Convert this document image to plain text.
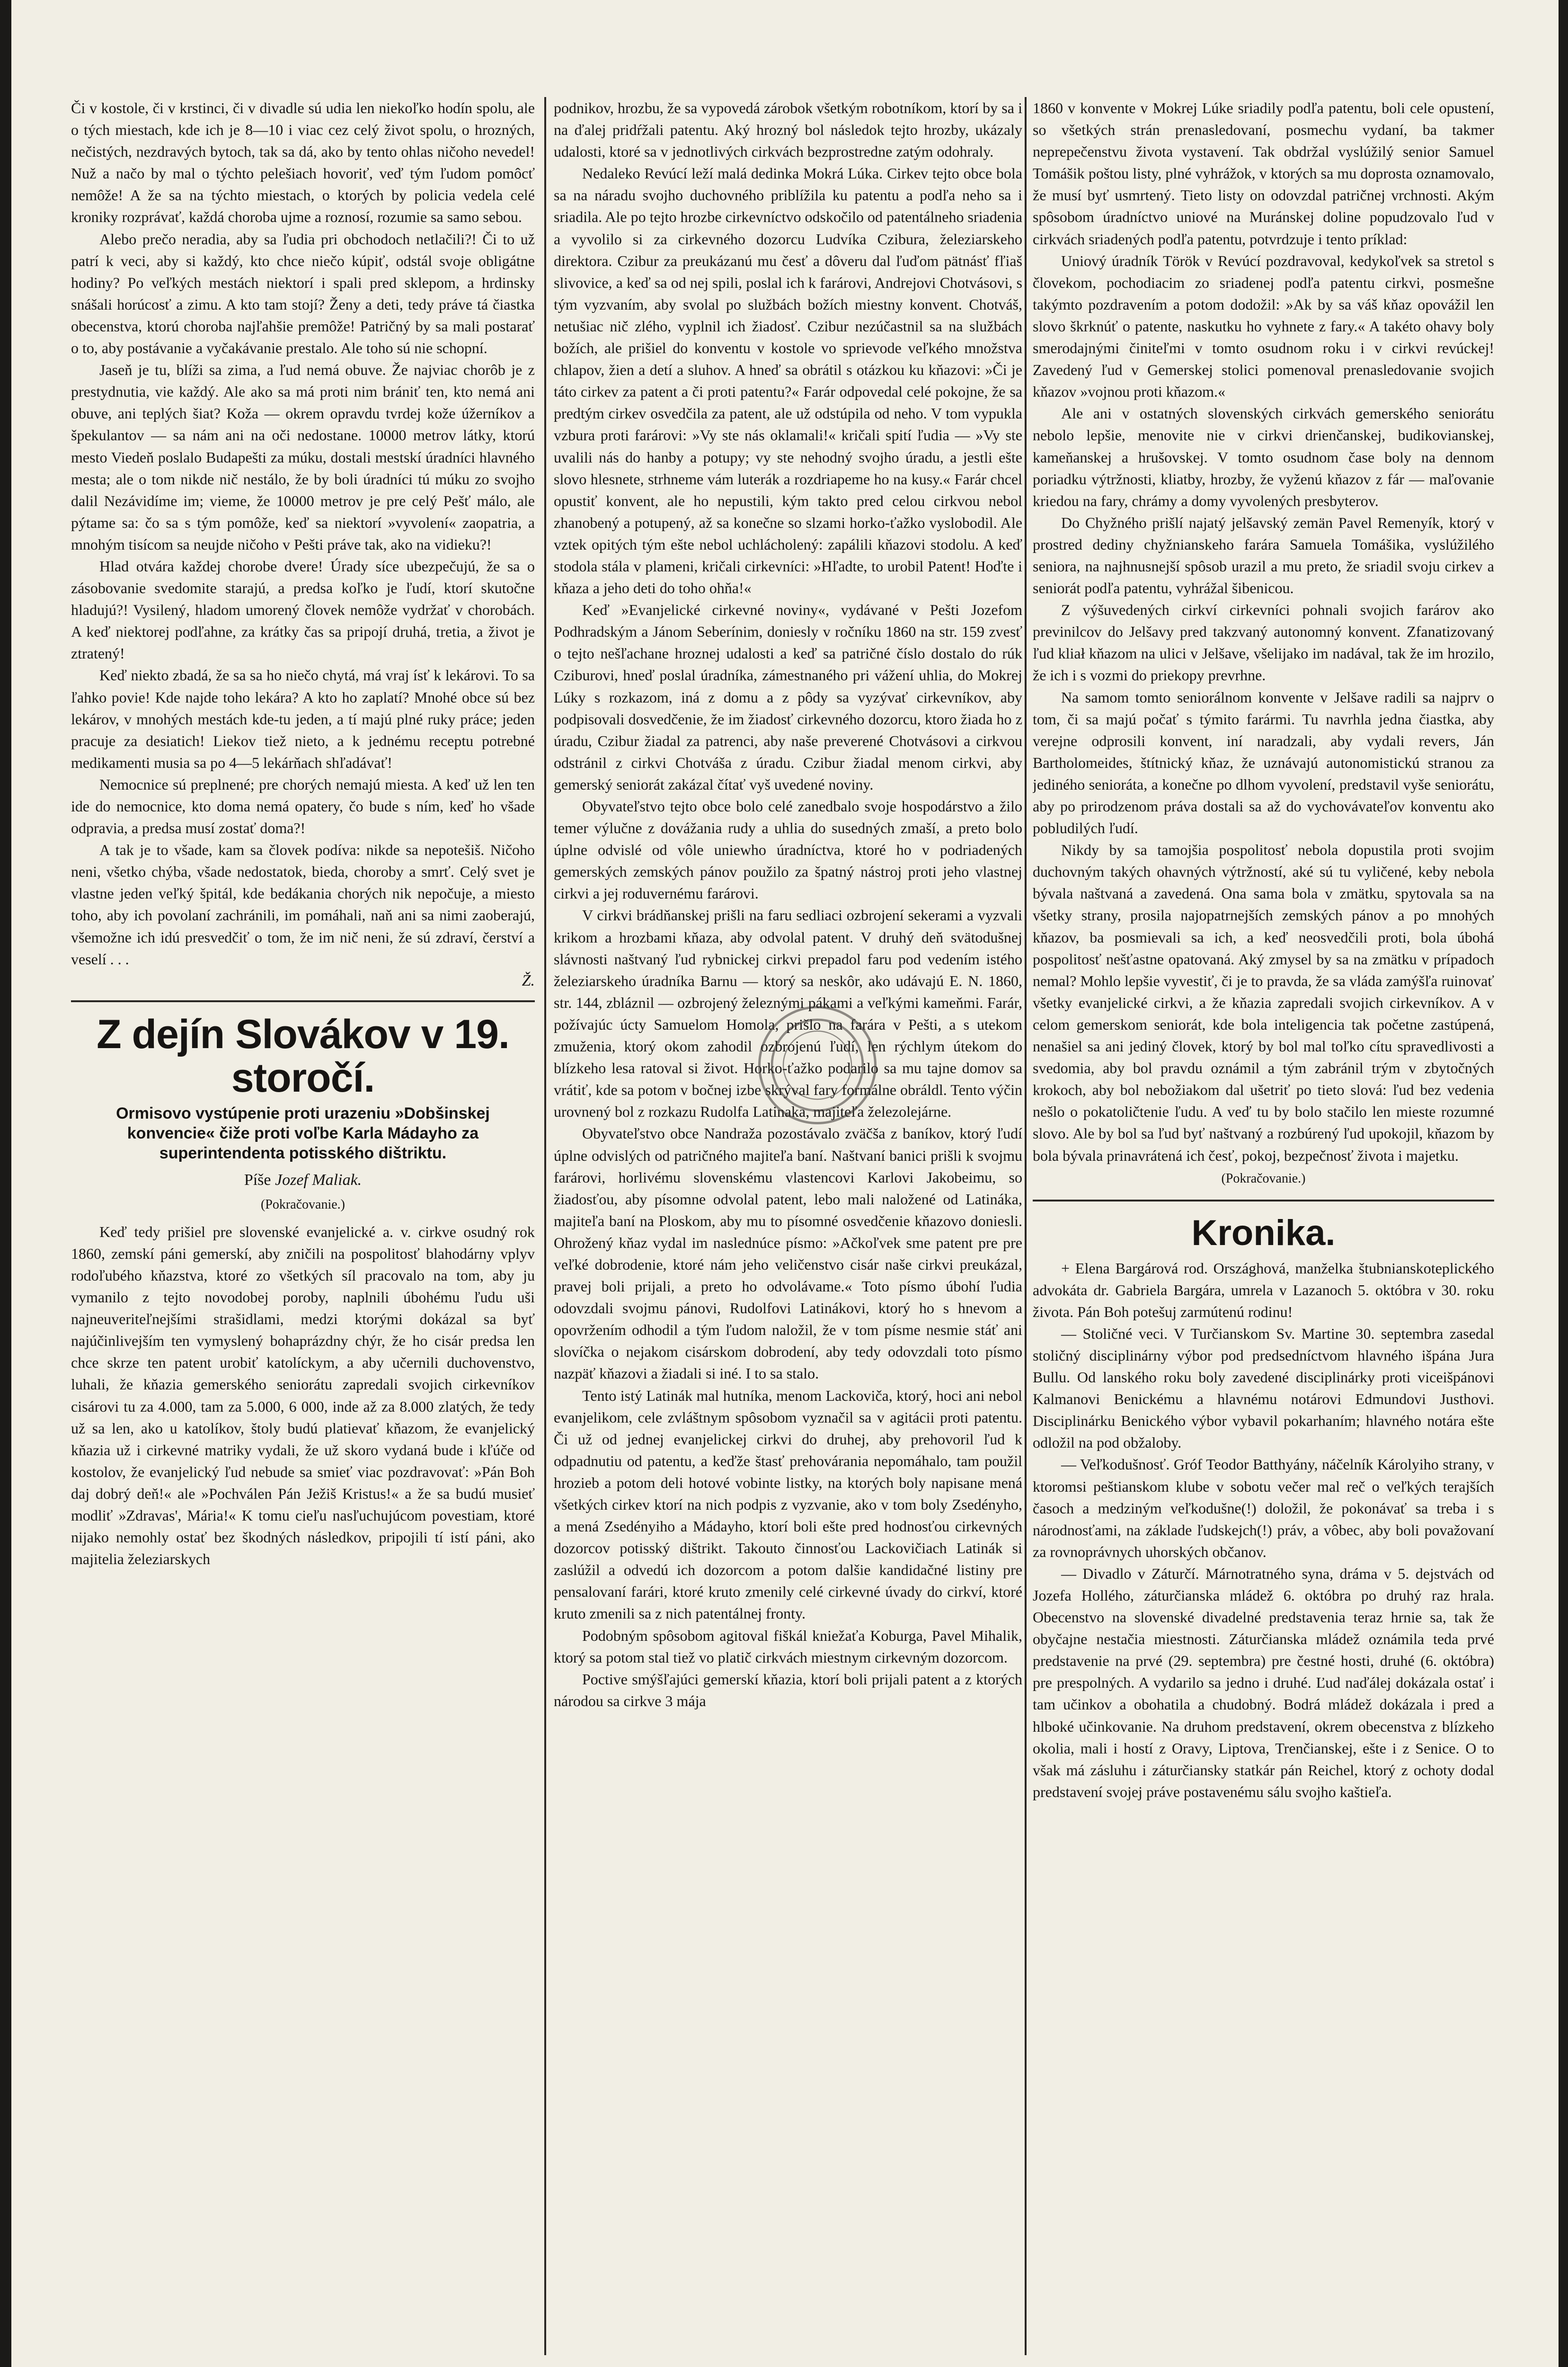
Či v kostole, či v krstinci, či v divadle sú udia len niekoľko hodín spolu, ale o tých miestach, kde ich je 8—10 i viac cez celý život spolu, o hrozných, nečistých, nezdravých bytoch, tak sa dá, ako by tento ohlas ničoho nevedel! Nuž a načo by mal o týchto pelešiach hovoriť, veď tým ľudom pomôcť nemôže! A že sa na týchto miestach, o ktorých by policia vedela celé kroniky rozprávať, každá choroba ujme a roznosí, rozumie sa samo sebou.

Alebo prečo neradia, aby sa ľudia pri obchodoch netlačili?! Či to už patrí k veci, aby si každý, kto chce niečo kúpiť, odstál svoje obligátne hodiny? Po veľkých mestách niektorí i spali pred sklepom, a hrdinsky snášali horúcosť a zimu. A kto tam stojí? Ženy a deti, tedy práve tá čiastka obecenstva, ktorú choroba najľahšie premôže! Patričný by sa mali postarať o to, aby postávanie a vyčakávanie prestalo. Ale toho sú nie schopní.

Jaseň je tu, blíži sa zima, a ľud nemá obuve. Že najviac chorôb je z prestydnutia, vie každý. Ale ako sa má proti nim brániť ten, kto nemá ani obuve, ani teplých šiat? Koža — okrem opravdu tvrdej kože úžerníkov a špekulantov — sa nám ani na oči nedostane. 10000 metrov látky, ktorú mesto Viedeň poslalo Budapešti za múku, dostali mestskí úradníci hlavného mesta; ale o tom nikde nič nestálo, že by boli úradníci tú múku zo svojho dalil Nezávidíme im; vieme, že 10000 metrov je pre celý Pešť málo, ale pýtame sa: čo sa s tým pomôže, keď sa niektorí »vyvolení« zaopatria, a mnohým tisícom sa neujde ničoho v Pešti práve tak, ako na vidieku?!

Hlad otvára každej chorobe dvere! Úrady síce ubezpečujú, že sa o zásobovanie svedomite starajú, a predsa koľko je ľudí, ktorí skutočne hladujú?! Vysilený, hladom umorený človek nemôže vydržať v chorobách. A keď niektorej podľahne, za krátky čas sa pripojí druhá, tretia, a život je ztratený!

Keď niekto zbadá, že sa sa ho niečo chytá, má vraj ísť k lekárovi. To sa ľahko povie! Kde najde toho lekára? A kto ho zaplatí? Mnohé obce sú bez lekárov, v mnohých mestách kde-tu jeden, a tí majú plné ruky práce; jeden pracuje za desiatich! Liekov tiež nieto, a k jednému receptu potrebné medikamenti musia sa po 4—5 lekárňach shľadávať!

Nemocnice sú preplnené; pre chorých nemajú miesta. A keď už len ten ide do nemocnice, kto doma nemá opatery, čo bude s ním, keď ho všade odpravia, a predsa musí zostať doma?!

A tak je to všade, kam sa človek podíva: nikde sa nepotešiš. Ničoho neni, všetko chýba, všade nedostatok, bieda, choroby a smrť. Celý svet je vlastne jeden veľký špitál, kde bedákania chorých nik nepočuje, a miesto toho, aby ich povolaní zachránili, im pomáhali, naň ani sa nimi zaoberajú, všemožne ich idú presvedčiť o tom, že im nič neni, že sú zdraví, čerství a veselí . . .

Ž.
Z dejín Slovákov v 19. storočí.
Ormisovo vystúpenie proti urazeniu »Dobšinskej konvencie« čiže proti voľbe Karla Mádayho za superintendenta potisského dištriktu.
Píše Jozef Maliak.
(Pokračovanie.)

Keď tedy prišiel pre slovenské evanjelické a. v. cirkve osudný rok 1860, zemskí páni gemerskí, aby zničili na pospolitosť blahodárny vplyv rodoľubého kňazstva, ktoré zo všetkých síl pracovalo na tom, aby ju vymanilo z tejto novodobej poroby, naplnili úbohému ľudu uši najneuveriteľnejšími strašidlami, medzi ktorými dokázal sa byť najúčinlivejším ten vymyslený bohaprázdny chýr, že ho cisár predsa len chce skrze ten patent urobiť katolíckym, a aby učernili duchovenstvo, luhali, že kňazia gemerského seniorátu zapredali svojich cirkevníkov cisárovi tu za 4.000, tam za 5.000, 6 000, inde až za 8.000 zlatých, že tedy už sa len, ako u katolíkov, štoly budú platievať kňazom, že evanjelický kňazia už i cirkevné matriky vydali, že už skoro vydaná bude i kľúče od kostolov, že evanjelický ľud nebude sa smieť viac pozdravovať: »Pán Boh daj dobrý deň!« ale »Pochválen Pán Ježiš Kristus!« a že sa budú musieť modliť »Zdravas', Mária!« K tomu cieľu nasľuchujúcom povestiam, ktoré nijako nemohly ostať bez škodných následkov, pripojili tí istí páni, ako majitelia železiarskych

podnikov, hrozbu, že sa vypovedá zárobok všetkým robotníkom, ktorí by sa i na ďalej pridŕžali patentu. Aký hrozný bol následok tejto hrozby, ukázaly udalosti, ktoré sa v jednotlivých cirkvách bezprostredne zatým odohraly.

Nedaleko Revúcí leží malá dedinka Mokrá Lúka. Cirkev tejto obce bola sa na náradu svojho duchovného priblížila ku patentu a podľa neho sa i sriadila. Ale po tejto hrozbe cirkevníctvo odskočilo od patentálneho sriadenia a vyvolilo si za cirkevného dozorcu Ludvíka Czibura, železiarskeho direktora. Czibur za preukázanú mu česť a dôveru dal ľuďom pätnásť fľiaš slivovice, a keď sa od nej spili, poslal ich k farárovi, Andrejovi Chotvásovi, s tým vyzvaním, aby svolal po službách božích miestny konvent. Chotváš, netušiac nič zlého, vyplnil ich žiadosť. Czibur nezúčastnil sa na službách božích, ale prišiel do konventu v kostole vo sprievode veľkého množstva chlapov, žien a detí a sluhov. A hneď sa obrátil s otázkou ku kňazovi: »Či je táto cirkev za patent a či proti patentu?« Farár odpovedal celé pokojne, že sa predtým cirkev osvedčila za patent, ale už odstúpila od neho. V tom vypukla vzbura proti farárovi: »Vy ste nás oklamali!« kričali spití ľudia — »Vy ste uvalili nás do hanby a potupy; vy ste nehodný svojho úradu, a jestli ešte slovo hlesnete, strhneme vám luterák a rozdriapeme ho na kusy.« Farár chcel opustiť konvent, ale ho nepustili, kým takto pred celou cirkvou nebol zhanobený a potupený, až sa konečne so slzami horko-ťažko vyslobodil. Ale vztek opitých tým ešte nebol uchlácholený: zapálili kňazovi stodolu. A keď stodola stála v plameni, kričali cirkevníci: »Hľadte, to urobil Patent! Hoďte i kňaza a jeho deti do toho ohňa!«

Keď »Evanjelické cirkevné noviny«, vydávané v Pešti Jozefom Podhradským a Jánom Seberínim, doniesly v ročníku 1860 na str. 159 zvesť o tejto nešľachane hroznej udalosti a keď sa patričné číslo dostalo do rúk Cziburovi, hneď poslal úradníka, zámestnaného pri vážení uhlia, do Mokrej Lúky s rozkazom, iná z domu a z pôdy sa vyzývať cirkevníkov, aby podpisovali dosvedčenie, že im žiadosť cirkevného dozorcu, ktoro žiada ho z úradu, Czibur žiadal za patrenci, aby naše preverené Chotvásovi a cirkvou odstránil z cirkvi Chotváša z úradu. Czibur žiadal menom cirkvi, aby gemerský seniorát zakázal čítať vyš uvedené noviny.

Obyvateľstvo tejto obce bolo celé zanedbalo svoje hospodárstvo a žilo temer výlučne z dovážania rudy a uhlia do susedných zmaší, a preto bolo úplne odvislé od vôle uniewho úradníctva, ktoré ho v podriadených gemerských zemských pánov použilo za špatný nástroj proti jeho vlastnej cirkvi a jej roduvernému farárovi.

V cirkvi brádňanskej prišli na faru sedliaci ozbrojení sekerami a vyzvali krikom a hrozbami kňaza, aby odvolal patent. V druhý deň svätodušnej slávnosti naštvaný ľud rybnickej cirkvi prepadol faru pod vedením istého železiarskeho úradníka Barnu — ktorý sa neskôr, ako udávajú E. N. 1860, str. 144, zbláznil — ozbrojený železnými pákami a veľkými kameňmi. Farár, požívajúc úcty Samuelom Homola, prišlo na farára v Pešti, a s utekom zmuženia, ktorý okom zahodil ozbrojenú ľudí, len rýchlym útekom do blízkeho lesa ratoval si život. Horko-ťažko podarilo sa mu tajne domov sa vrátiť, kde sa potom v bočnej izbe skrýval fary formálne obráldl. Tento výčin urovnený bol z rozkazu Rudolfa Latinaka, majiteľa železolejárne.

Obyvateľstvo obce Nandraža pozostávalo zväčša z baníkov, ktorý ľudí úplne odvislých od patričného majiteľa baní. Naštvaní banici prišli k svojmu farárovi, horlivému slovenskému vlastencovi Karlovi Jakobeimu, so žiadosťou, aby písomne odvolal patent, lebo mali naložené od Latináka, majiteľa baní na Ploskom, aby mu to písomné osvedčenie kňazovo doniesli. Ohrožený kňaz vydal im naslednúce písmo: »Ačkoľvek sme patent pre pre veľké dobrodenie, ktoré nám jeho veličenstvo cisár naše cirkvi preukázal, pravej boli prijali, a preto ho odvolávame.« Toto písmo úbohí ľudia odovzdali svojmu pánovi, Rudolfovi Latinákovi, ktorý ho s hnevom a opovržením odhodil a tým ľudom naložil, že v tom písme nesmie stáť ani slovíčka o nejakom cisárskom dobrodení, aby tedy odovzdali toto písmo nazpäť kňazovi a žiadali si iné. I to sa stalo.

Tento istý Latinák mal hutníka, menom Lackoviča, ktorý, hoci ani nebol evanjelikom, cele zvláštnym spôsobom vyznačil sa v agitácii proti patentu. Či už od jednej evanjelickej cirkvi do druhej, aby prehovoril ľud k odpadnutiu od patentu, a keďže štasť prehovárania nepomáhalo, tam použil hrozieb a potom deli hotové vobinte listky, na ktorých boly napisane mená všetkých cirkev ktorí na nich podpis z vyzvanie, ako v tom boly Zsedényho, a mená Zsedényiho a Mádayho, ktorí boli ešte pred hodnosťou cirkevných dozorcov potisský dištrikt. Takouto činnosťou Lackovičiach Latinák si zaslúžil a odvedú ich dozorcom a potom dalšie kandidačné listiny pre pensalovaní farári, ktoré kruto zmenily celé cirkevné úvady do cirkví, ktoré kruto zmenili sa z nich patentálnej fronty.

Podobným spôsobom agitoval fiškál kniežaťa Koburga, Pavel Mihalik, ktorý sa potom stal tiež vo platič cirkvách miestnym cirkevným dozorcom.

Poctive smýšľajúci gemerskí kňazia, ktorí boli prijali patent a z ktorých národou sa cirkve 3 mája

1860 v konvente v Mokrej Lúke sriadily podľa patentu, boli cele opustení, so všetkých strán prenasledovaní, posmechu vydaní, ba takmer neprepečenstvu života vystavení. Tak obdržal vyslúžilý senior Samuel Tomášik poštou listy, plné vyhrážok, v ktorých sa mu doprosta oznamovalo, že musí byť usmrtený. Tieto listy on odovzdal patričnej vrchnosti. Akým spôsobom úradníctvo uniové na Muránskej doline popudzovalo ľud v cirkvách sriadených podľa patentu, potvrdzuje i tento príklad:

Uniový úradník Török v Revúcí pozdravoval, kedykoľvek sa stretol s človekom, pochodiacim zo sriadenej podľa patentu cirkvi, posmešne takýmto pozdravením a potom dodožil: »Ak by sa váš kňaz opovážil len slovo škrknúť o patente, naskutku ho vyhnete z fary.« A takéto ohavy boly smerodajnými činiteľmi v tomto osudnom roku i v cirkvi revúckej! Zavedený ľud v Gemerskej stolici pomenoval prenasledovanie svojich kňazov »vojnou proti kňazom.«

Ale ani v ostatných slovenských cirkvách gemerského seniorátu nebolo lepšie, menovite nie v cirkvi drienčanskej, budikovianskej, kameňanskej a hrušovskej. V tomto osudnom čase boly na dennom poriadku výtržnosti, kliatby, hrozby, že vyženú kňazov z fár — maľovanie kriedou na fary, chrámy a domy vyvolených presbyterov.

Do Chyžného prišlí najatý jelšavský zemän Pavel Remenyík, ktorý v prostred dediny chyžnianskeho farára Samuela Tomášika, vyslúžilého seniora, na najhnusnejší spôsob urazil a mu preto, že sriadil svoju cirkev a seniorát podľa patentu, vyhrážal šibenicou.

Z výšuvedených cirkví cirkevníci pohnali svojich farárov ako previnilcov do Jelšavy pred takzvaný autonomný konvent. Zfanatizovaný ľud kliał kňazom na ulici v Jelšave, všelijako im nadával, tak že im hrozilo, že ich i s vozmi do priekopy prevrhne.

Na samom tomto seniorálnom konvente v Jelšave radili sa najprv o tom, či sa majú počať s týmito farármi. Tu navrhla jedna čiastka, aby verejne odprosili konvent, iní naradzali, aby vydali revers, Ján Bartholomeides, štítnický kňaz, že uznávajú autonomistickú stranou za jediného senioráta, a konečne po dlhom vyvolení, predstavil vyše seniorátu, aby po prirodzenom práva dostali sa až do vychovávateľov konventu ako pobludilých ľudí.

Nikdy by sa tamojšia pospolitosť nebola dopustila proti svojim duchovným takých ohavných výtržností, aké sú tu vyličené, keby nebola bývala naštvaná a zavedená. Ona sama bola v zmätku, spytovala sa na všetky strany, prosila najopatrnejších zemských pánov a po mnohých kňazov, ba posmievali sa ich, a keď neosvedčili proti, bola úbohá pospolitosť nešťastne opatovaná. Aký zmysel by sa na zmätku v prípadoch nemal? Mohlo lepšie vyvestiť, či je to pravda, že sa vláda zamýšľa ruinovať všetky evanjelické cirkvi, a že kňazia zapredali svojich cirkevníkov. A v celom gemerskom seniorát, kde bola inteligencia tak početne zastúpená, nenašiel sa ani jediný človek, ktorý by bol mal toľko cítu spravedlivosti a svedomia, aby bol pravdu oznámil a tým zabránil trým v zbytočných krokoch, aby bol nebožiakom dal ušetriť po tieto slová: ľud bez vedenia nešlo o pokatoličtenie ľudu. A veď tu by bolo stačilo len mieste rozumné slovo. Ale by bol sa ľud byť naštvaný a rozbúrený ľud upokojil, kňazom by bola bývala prinavrátená ich česť, pokoj, bezpečnosť života i majetku.

(Pokračovanie.)
Kronika.

+ Elena Bargárová rod. Országhová, manželka štubnianskoteplického advokáta dr. Gabriela Bargára, umrela v Lazanoch 5. októbra v 30. roku života. Pán Boh potešuj zarmútenú rodinu!

— Stoličné veci. V Turčianskom Sv. Martine 30. septembra zasedal stoličný disciplinárny výbor pod predsedníctvom hlavného išpána Jura Bullu. Od lanského roku boly zavedené disciplinárky proti viceišpánovi Kalmanovi Benickému a hlavnému notárovi Edmundovi Justhovi. Disciplinárku Benického výbor vybavil pokarhaním; hlavného notára ešte odložil na pod obžaloby.

— Veľkodušnosť. Gróf Teodor Batthyány, náčelník Károlyiho strany, v ktoromsi peštianskom klube v sobotu večer mal reč o veľkých terajších časoch a medziným veľkodušne(!) doložil, že pokonávať sa treba i s národnosťami, na základe ľudskejch(!) práv, a vôbec, aby boli považovaní za rovnoprávnych uhorských občanov.

— Divadlo v Záturčí. Márnotratného syna, dráma v 5. dejstvách od Jozefa Hollého, záturčianska mládež 6. októbra po druhý raz hrala. Obecenstvo na slovenské divadelné predstavenia teraz hrnie sa, tak že obyčajne nestačia miestnosti. Záturčianska mládež oznámila teda prvé predstavenie na prvé (29. septembra) pre čestné hosti, druhé (6. októbra) pre prespolných. A vydarilo sa jedno i druhé. Ľud naďálej dokázala ostať i tam učinkov a obohatila a chudobný. Bodrá mládež dokázala i pred a hlboké učinkovanie. Na druhom predstavení, okrem obecenstva z blízkeho okolia, mali i hostí z Oravy, Liptova, Trenčianskej, ešte i z Senice. O to však má zásluhu i záturčiansky statkár pán Reichel, ktorý z ochoty dodal predstavení svojej práve postavenému sálu svojho kaštieľa.
